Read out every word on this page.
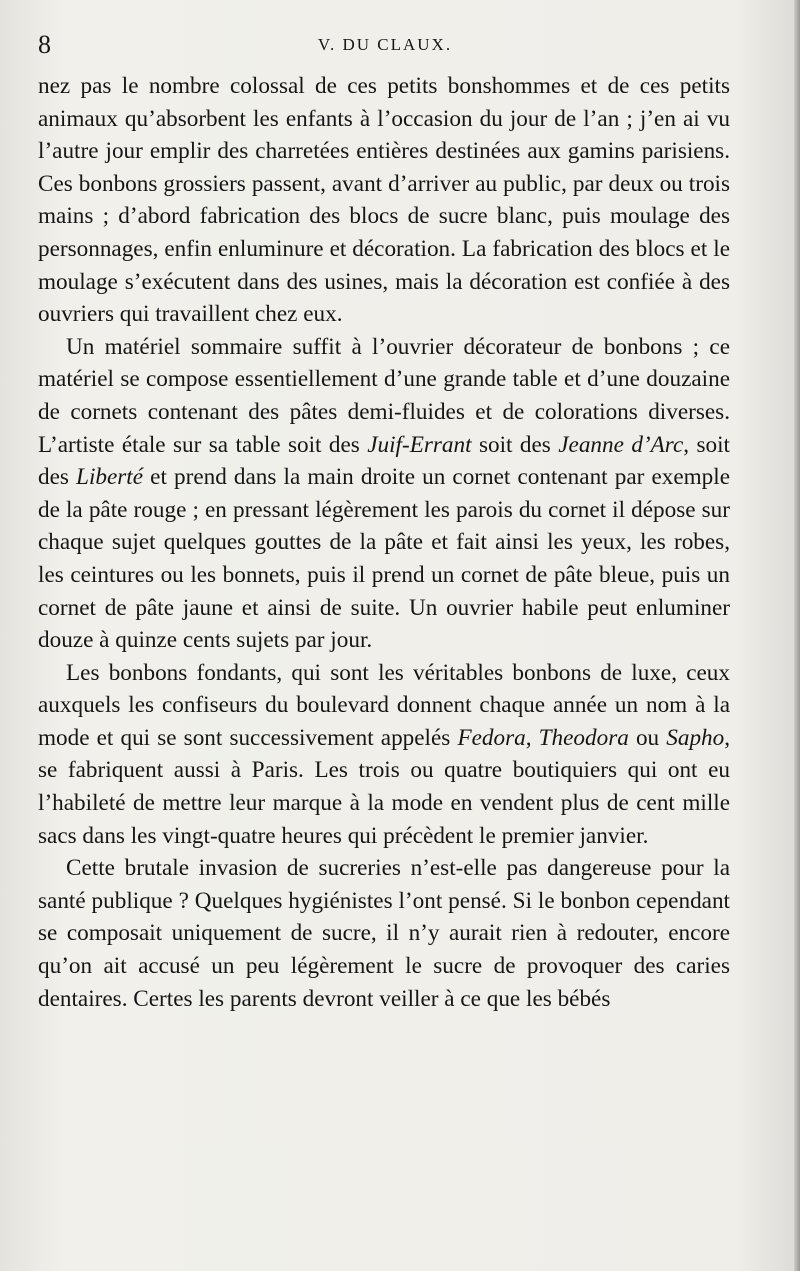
8	V. DU CLAUX.

nez pas le nombre colossal de ces petits bonshommes et de ces petits animaux qu’absorbent les enfants à l’occasion du jour de l’an ; j’en ai vu l’autre jour emplir des charretées entières destinées aux gamins parisiens. Ces bonbons grossiers passent, avant d’arriver au public, par deux ou trois mains ; d’abord fabrication des blocs de sucre blanc, puis moulage des personnages, enfin enluminure et décoration. La fabrication des blocs et le moulage s’exécutent dans des usines, mais la décoration est confiée à des ouvriers qui travaillent chez eux.

Un matériel sommaire suffit à l’ouvrier décorateur de bonbons ; ce matériel se compose essentiellement d’une grande table et d’une douzaine de cornets contenant des pâtes demi-fluides et de colorations diverses. L’artiste étale sur sa table soit des Juif-Errant soit des Jeanne d’Arc, soit des Liberté et prend dans la main droite un cornet contenant par exemple de la pâte rouge ; en pressant légèrement les parois du cornet il dépose sur chaque sujet quelques gouttes de la pâte et fait ainsi les yeux, les robes, les ceintures ou les bonnets, puis il prend un cornet de pâte bleue, puis un cornet de pâte jaune et ainsi de suite. Un ouvrier habile peut enluminer douze à quinze cents sujets par jour.

Les bonbons fondants, qui sont les véritables bonbons de luxe, ceux auxquels les confiseurs du boulevard donnent chaque année un nom à la mode et qui se sont successivement appelés Fedora, Theodora ou Sapho, se fabriquent aussi à Paris. Les trois ou quatre boutiquiers qui ont eu l’habileté de mettre leur marque à la mode en vendent plus de cent mille sacs dans les vingt-quatre heures qui précèdent le premier janvier.

Cette brutale invasion de sucreries n’est-elle pas dangereuse pour la santé publique ? Quelques hygiénistes l’ont pensé. Si le bonbon cependant se composait uniquement de sucre, il n’y aurait rien à redouter, encore qu’on ait accusé un peu légèrement le sucre de provoquer des caries dentaires. Certes les parents devront veiller à ce que les bébés
